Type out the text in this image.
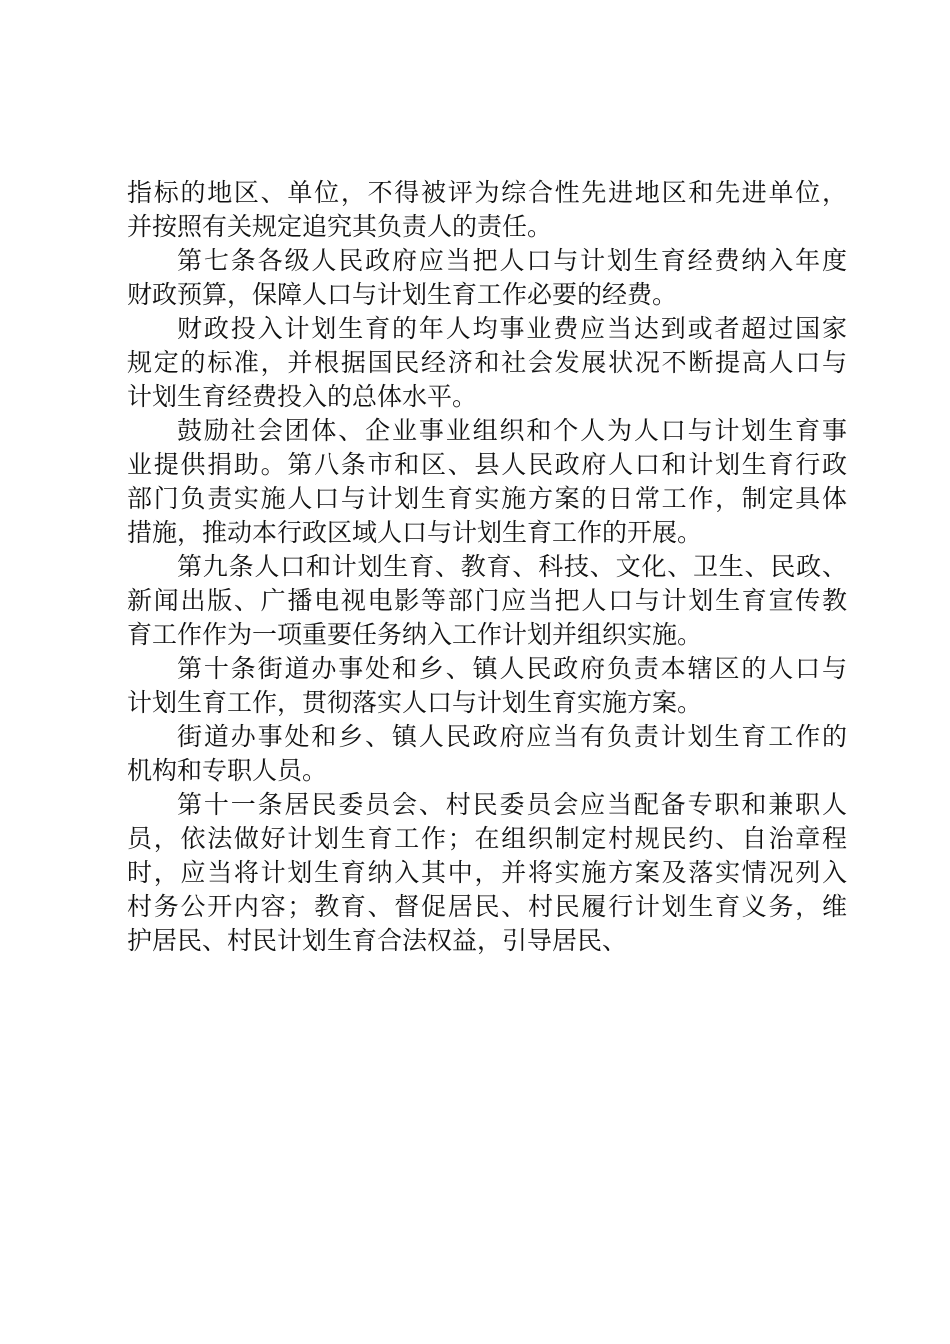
指标的地区、单位，不得被评为综合性先进地区和先进单位，
并按照有关规定追究其负责人的责任。
第七条各级人民政府应当把人口与计划生育经费纳入年度
财政预算，保障人口与计划生育工作必要的经费。
财政投入计划生育的年人均事业费应当达到或者超过国家
规定的标准，并根据国民经济和社会发展状况不断提高人口与
计划生育经费投入的总体水平。
鼓励社会团体、企业事业组织和个人为人口与计划生育事
业提供捐助。第八条市和区、县人民政府人口和计划生育行政
部门负责实施人口与计划生育实施方案的日常工作，制定具体
措施，推动本行政区域人口与计划生育工作的开展。
第九条人口和计划生育、教育、科技、文化、卫生、民政、
新闻出版、广播电视电影等部门应当把人口与计划生育宣传教
育工作作为一项重要任务纳入工作计划并组织实施。
第十条街道办事处和乡、镇人民政府负责本辖区的人口与
计划生育工作，贯彻落实人口与计划生育实施方案。
街道办事处和乡、镇人民政府应当有负责计划生育工作的
机构和专职人员。
第十一条居民委员会、村民委员会应当配备专职和兼职人
员，依法做好计划生育工作；在组织制定村规民约、自治章程
时，应当将计划生育纳入其中，并将实施方案及落实情况列入
村务公开内容；教育、督促居民、村民履行计划生育义务，维
护居民、村民计划生育合法权益，引导居民、
